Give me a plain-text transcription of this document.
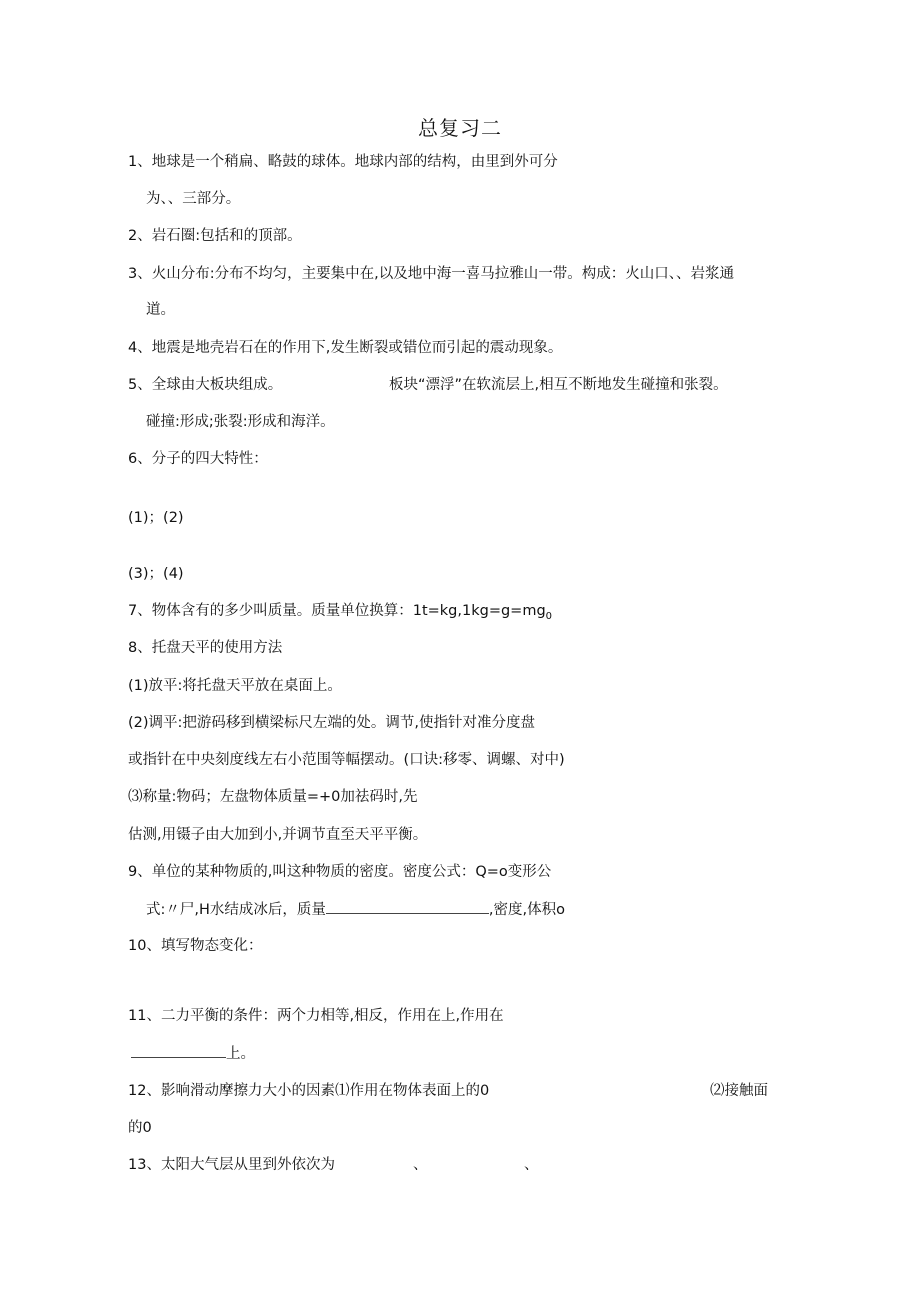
总复习二
1、地球是一个稍扁、略鼓的球体。地球内部的结构，由里到外可分
为、、三部分。
2、岩石圈:包括和的顶部。
3、火山分布:分布不均匀，主要集中在,以及地中海一喜马拉雅山一带。构成：火山口、、岩浆通
道。
4、地震是地壳岩石在的作用下,发生断裂或错位而引起的震动现象。
5、全球由大板块组成。	板块“漂浮”在软流层上,相互不断地发生碰撞和张裂。
碰撞:形成;张裂:形成和海洋。
6、分子的四大特性：
(1)；(2)
(3)；(4)
7、物体含有的多少叫质量。质量单位换算：$1t=kg,1kg=g=mg_0$
8、托盘天平的使用方法
(1)放平:将托盘天平放在桌面上。
(2)调平:把游码移到横梁标尺左端的处。调节,使指针对准分度盘
或指针在中央刻度线左右小范围等幅摆动。(口诀:移零、调螺、对中)
⑶称量:物码；左盘物体质量=+0加祛码时,先
估测,用镊子由大加到小,并调节直至天平平衡。
9、单位的某种物质的,叫这种物质的密度。密度公式：Q=o变形公
式:〃尸,H水结成冰后，质量	,密度,体积o
10、填写物态变化：
11、二力平衡的条件：两个力相等,相反，作用在上,作用在
上。
12、影响滑动摩擦力大小的因素⑴作用在物体表面上的0	⑵接触面
的0
13、太阳大气层从里到外依次为	、	、
